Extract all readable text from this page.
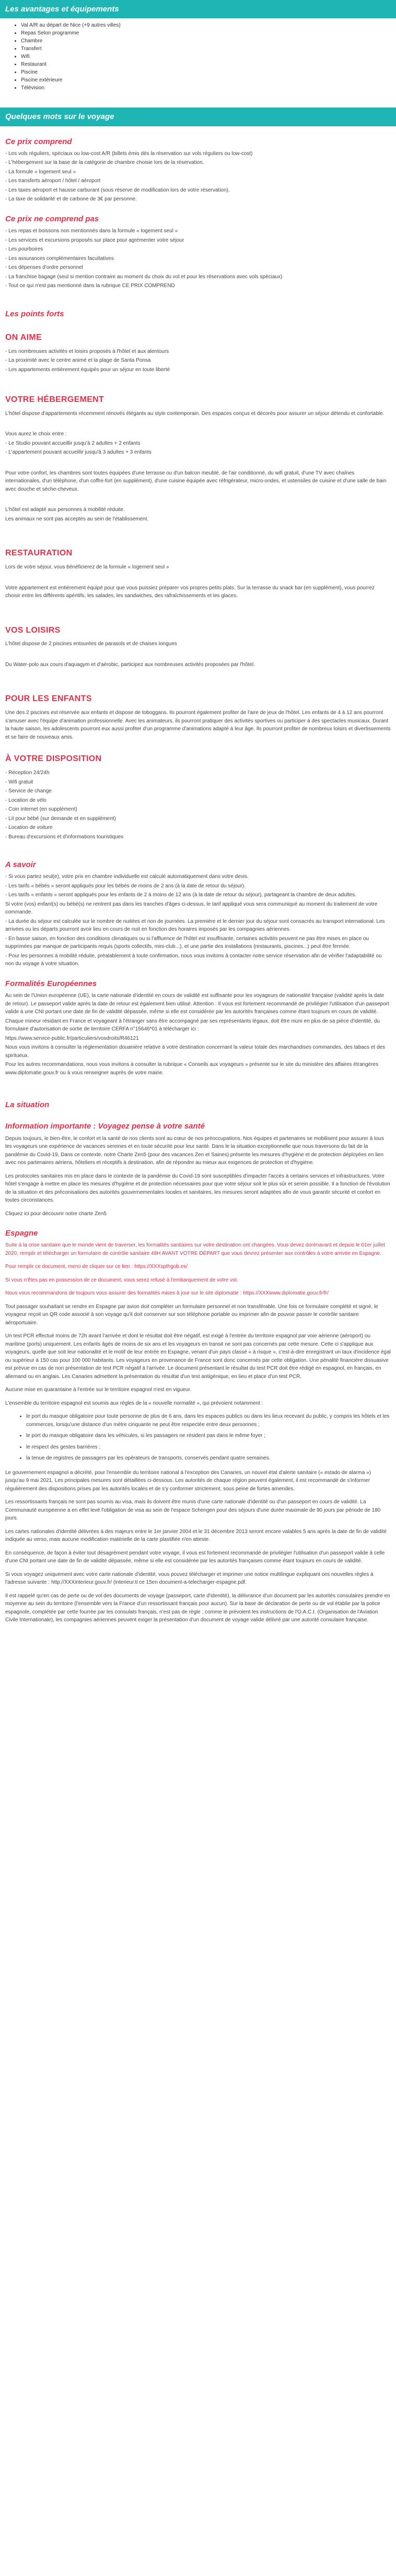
Les avantages et équipements
• Val A/R au départ de Nice (+9 autres villes)
• Repas Selon programme
• Chambre
• Transfert
• Wifi
• Restaurant
• Piscine
• Piscine extérieure
• Télévision
Quelques mots sur le voyage
Ce prix comprend

- Les vols réguliers, spéciaux ou low-cost A/R (billets émis dès la réservation sur vols réguliers ou low-cost)

- L'hébergement sur la base de la catégorie de chambre choisie lors de la réservation.

- La formule « logement seul »

- Les transferts aéroport / hôtel / aéroport

- Les taxes aéroport et hausse carburant (sous réserve de modification lors de votre réservation).

- La taxe de solidarité et de carbone de 3€ par personne.

Ce prix ne comprend pas

- Les repas et boissons non mentionnés dans la formule « logement seul »

- Les services et excursions proposés sur place pour agrémenter votre séjour

- Les pourboires

- Les assurances complémentaires facultatives

- Les dépenses d'ordre personnel

- La franchise bagage (seul si mention contraire au moment du choix du vol et pour les réservations avec vols spéciaux)

- Tout ce qui n'est pas mentionné dans la rubrique CE PRIX COMPREND

Les points forts
ON AIME

- Les nombreuses activités et loisirs proposés à l'hôtel et aux alentours

- La proximité avec le centre animé et la plage de Santa Ponsa

- Les appartements entièrement équipés pour un séjour en toute liberté

VOTRE HÉBERGEMENT

L'hôtel dispose d'appartements récemment rénovés élégants au style contemporain. Des espaces conçus et décorés pour assurer un séjour détendu et confortable.

Vous aurez le choix entre :

- Le Studio pouvant accueillir jusqu'à 2 adultes + 2 enfants

- L'appartement pouvant accueillir jusqu'à 3 adultes + 3 enfants

Pour votre confort, les chambres sont toutes équipées d'une terrasse ou d'un balcon meublé, de l'air conditionné, du wifi gratuit, d'une TV avec chaînes internationales, d'un téléphone, d'un coffre-fort (en supplément), d'une cuisine équipée avec réfrigérateur, micro-ondes, et ustensiles de cuisine et d'une salle de bain avec douche et sèche-cheveux.

L'hôtel est adapté aux personnes à mobilité réduite.

Les animaux ne sont pas acceptés au sein de l'établissement.

RESTAURATION

Lors de votre séjour, vous bénéficierez de la formule « logement seul »

Votre appartement est entièrement équipé pour que vous puissiez préparer vos propres petits plats. Sur la terrasse du snack bar (en supplément), vous pourrez choisir entre les différents apéritifs, les salades, les sandwiches, des rafraîchissements et les glaces.

VOS LOISIRS

L'hôtel dispose de 2 piscines entourées de parasols et de chaises longues

Du Water-polo aux cours d'aquagym et d'aérobic, participez aux nombreuses activités proposées par l'hôtel.

POUR LES ENFANTS

Une des 2 piscines est réservée aux enfants et dispose de toboggans. Ils pourront également profiter de l'aire de jeux de l'hôtel. Les enfants de 4 à 12 ans pourront s'amuser avec l'équipe d'animation professionnelle. Avec les animateurs, ils pourront pratiquer des activités sportives ou participer à des spectacles musicaux. Durant la haute saison, les adolescents pourront eux aussi profiter d'un programme d'animations adapté à leur âge. Ils pourront profiter de nombreux loisirs et divertissements et se faire de nouveaux amis.

À VOTRE DISPOSITION

- Réception 24/24h

- Wifi gratuit

- Service de change

- Location de vélo

- Coin internet (en supplément)

- Lit pour bébé (sur demande et en supplément)

- Location de voiture

- Bureau d'excursions et d'informations touristiques

A savoir

- Si vous partez seul(e), votre prix en chambre individuelle est calculé automatiquement dans votre devis.

- Les tarifs « bébés » seront appliqués pour les bébés de moins de 2 ans (à la date de retour du séjour).

- Les tarifs « enfants » seront appliqués pour les enfants de 2 à moins de 12 ans (à la date de retour du séjour), partageant la chambre de deux adultes.

Si votre (vos) enfant(s) ou bébé(s) ne rentrent pas dans les tranches d'âges ci-dessus, le tarif appliqué vous sera communiqué au moment du traitement de votre commande.

- La durée du séjour est calculée sur le nombre de nuitées et non de journées. La première et le dernier jour du séjour sont consacrés au transport international. Les arrivées ou les départs pourront avoir lieu en cours de nuit en fonction des horaires imposés par les compagnies aériennes.

- En basse saison, en fonction des conditions climatiques ou si l'affluence de l'hôtel est insuffisante, certaines activités peuvent ne pas être mises en place ou supprimées par manque de participants requis (sports collectifs, mini-club...), et une partie des installations (restaurants, piscines...) peut être fermée.

- Pour les personnes à mobilité réduite, préalablement à toute confirmation, nous vous invitons à contacter notre service réservation afin de vérifier l'adaptabilité ou non du voyage à votre situation.

Formalités Européennes

Au sein de l'Union européenne (UE), la carte nationale d'identité en cours de validité est suffisante pour les voyageurs de nationalité française (validité après la date de retour). Le passeport valide après la date de retour est également bien utilisé. Attention : Il vous est fortement recommandé de privilégier l'utilisation d'un passeport valide à une CNI portant une date de fin de validité dépassée, même si elle est considérée par les autorités françaises comme étant toujours en cours de validité.

Chaque mineur résidant en France et voyageant à l'étranger sans être accompagné par ses représentants légaux, doit être muni en plus de sa pièce d'identité, du formulaire d'autorisation de sortie de territoire CERFA n°15646*01 à télécharger ici :

https://www.service-public.fr/particuliers/vosdroits/R46121

Nous vous invitons à consulter la réglementation douanière relative à votre destination concernant la valeur totale des marchandises commandes, des tabacs et des spiritueux.

Pour les autres recommandations, nous vous invitons à consulter la rubrique « Conseils aux voyageurs » présente sur le site du ministère des affaires étrangères www.diplomatie.gouv.fr ou à vous renseigner auprès de votre mairie.

La situation
Information importante : Voyagez pense à votre santé

Depuis toujours, le bien-être, le confort et la santé de nos clients sont au cœur de nos préoccupations. Nos équipes et partenaires se mobilisent pour assurer à tous les voyageurs une expérience de vacances sereines et en toute sécurité pour leur santé. Dans le la situation exceptionnelle que nous traversons du fait de la pandémie du Covid-19, Dans ce contexte, notre Charte Zen5 (pour des vacances Zen et Saines) présente les mesures d'hygiène et de protection déployées en lien avec nos partenaires aériens, hôteliers et réceptifs à destination, afin de répondre au mieux aux exigences de protection et d'hygiène.

Les protocoles sanitaires mis en place dans le contexte de la pandémie du Covid-19 sont susceptibles d'impacter l'accès à certains services et infrastructures. Votre hôtel s'engage à mettre en place les mesures d'hygiène et de protection nécessaires pour que votre séjour soit le plus sûr et serein possible. Il a fonction de l'évolution de la situation et des préconisations des autorités gouvernementales locales et sanitaires, les mesures seront adaptées afin de vous garantir sécurité et confort en toutes circonstances.

Cliquez ici pour découvrir notre charte Zen5

Espagne

Suite à la crise sanitaire que le monde vient de traverser, les formalités sanitaires sur votre destination ont changées. Vous devez dorénavant et depuis le 01er juillet 2020, remplir et télécharger un formulaire de contrôle sanitaire 48H AVANT VOTRE DÉPART que vous devrez présenter aux contrôles à votre arrivée en Espagne.

Pour remplir ce document, merci de cliquer sur ce lien : https://XXXspthgob.es/

Si vous n'êtes pas en possession de ce document, vous serez refusé à l'embarquement de votre vol.

Nous vous recommandons de toujours vous assurer des formalités mises à jour sur le site diplomatie : https://XXXwww.diplomatie.gouv.fr/fr/

Tout passager souhaitant se rendre en Espagne par avion doit compléter un formulaire personnel et non transférable. Une fois ce formulaire complété et signé, le voyageur reçoit un QR code associé à son voyage qu'il doit conserver sur son téléphone portable ou imprimer afin de pouvoir passer le contrôle sanitaire aéroportuaire.

Un test PCR effectué moins de 72h avant l'arrivée et dont le résultat doit être négatif, est exigé à l'entrée du territoire espagnol par voie aérienne (aéroport) ou maritime (ports) uniquement. Les enfants âgés de moins de six ans et les voyageurs en transit ne sont pas concernés par cette mesure. Cette ci s'applique aux voyageurs, quelle que soit leur nationalité et le motif de leur entrée en Espagne, venant d'un pays classé « à risque », c'est-à-dire enregistrant un taux d'incidence égal ou supérieur à 150 cas pour 100 000 habitants. Les voyageurs en provenance de France sont donc concernés par cette obligation. Une pénalité financière dissuasive est prévue en cas de non présentation de test PCR négatif à l'arrivée. Le document présentant le résultat du test PCR doit être rédigé en espagnol, en français, en allemand ou en anglais. Les Canaries admettent la présentation du résultat d'un test antigénique, en lieu et place d'un test PCR.

Aucune mise en quarantaine à l'entrée sur le territoire espagnol n'est en vigueur.

L'ensemble du territoire espagnol est soumis aux règles de la « nouvelle normalité », qui prévoient notamment :

• le port du masque obligatoire pour toute personne de plus de 6 ans, dans les espaces publics ou dans les lieux recevant du public, y compris les hôtels et les commerces, lorsqu'une distance d'un mètre cinquante ne peut être respectée entre deux personnes ;
• le port du masque obligatoire dans les véhicules, si les passagers ne résident pas dans le même foyer ;
• le respect des gestes barrières ;
• la tenue de registres de passagers par les opérateurs de transports, conservés pendant quatre semaines.

Le gouvernement espagnol a décrété, pour l'ensemble du territoire national à l'exception des Canaries, un nouvel état d'alerte sanitaire (« estado de alarma ») jusqu'au 9 mai 2021. Les principales mesures sont détaillées ci-dessous. Les autorités de chaque région peuvent également, il est recommandé de s'informer régulièrement des dispositions prises par les autorités locales et de s'y conformer strictement, sous peine de fortes amendes.

Les ressortissants français ne sont pas soumis au visa, mais ils doivent être munis d'une carte nationale d'identité ou d'un passeport en cours de validité. La Communauté européenne a en effet levé l'obligation de visa au sein de l'espace Schengen pour des séjours d'une durée maximale de 90 jours par période de 180 jours.

Les cartes nationales d'identité délivrées à des majeurs entre le 1er janvier 2004 et le 31 décembre 2013 seront encore valables 5 ans après la date de fin de validité indiquée au verso, mais aucune modification matérielle de la carte plastifiée n'en atteste.

En conséquence, de façon à éviter tout désagrément pendant votre voyage, il vous est fortement recommandé de privilégier l'utilisation d'un passeport valide à celle d'une CNI portant une date de fin de validité dépassée, même si elle est considérée par les autorités françaises comme étant toujours en cours de validité.

Si vous voyagez uniquement avec votre carte nationale d'identité, vous pouvez télécharger et imprimer une notice multilingue expliquant ces nouvelles règles à l'adresse suivante : http://XXXinterieur.gouv.fr/ (interieur.ti ce 15en document-a-telecharger-espagne.pdf.

Il est rappelé qu'en cas de perte ou de vol des documents de voyage (passeport, carte d'identité), la délivrance d'un document par les autorités consulaires prendre en moyenne au sein du territoire (l'ensemble vers la France d'un ressortissant français pour aucun). Sur la base de déclaration de perte ou de vol établie par la police espagnole, complétée par cette fourrée par les consulats français, n'est pas de règle ; comme le prévoient les instructions de l'O.A.C.I. (Organisation de l'Aviation Civile Internationale), les compagnies aériennes peuvent exiger la présentation d'un document de voyage valide délivré par une autorité consulaire française.
